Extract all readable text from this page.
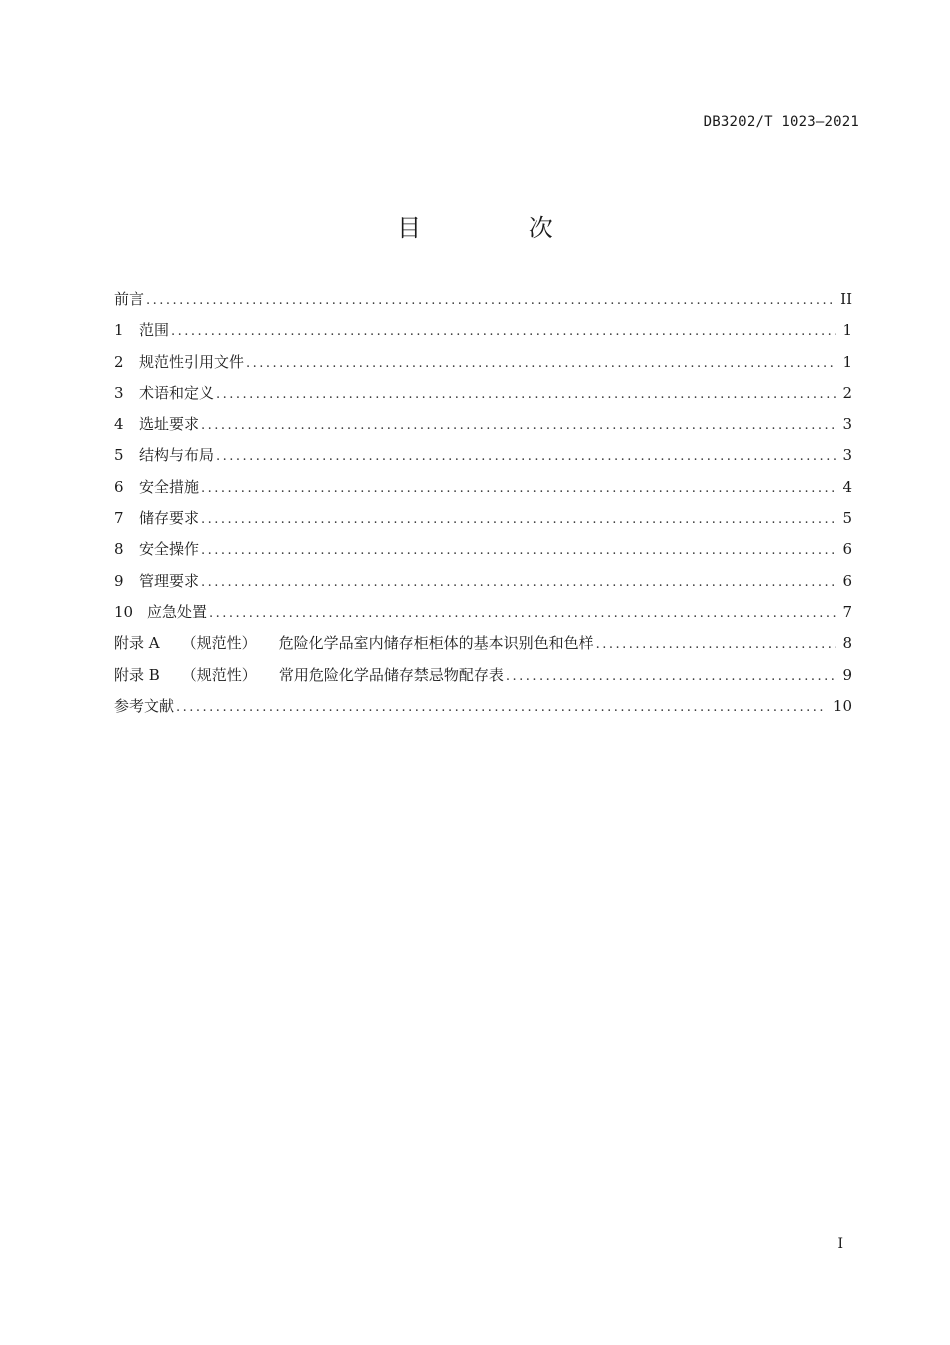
DB3202/T 1023—2021
目 次
前言 .....	II
1	范围 .....	1
2	规范性引用文件 .....	1
3	术语和定义 .....	2
4	选址要求 .....	3
5	结构与布局 .....	3
6	安全措施 .....	4
7	储存要求 .....	5
8	安全操作 .....	6
9	管理要求 .....	6
10 应急处置 .....	7
附录 A （规范性） 危险化学品室内储存柜柜体的基本识别色和色样 .....	8
附录 B （规范性） 常用危险化学品储存禁忌物配存表 .....	9
参考文献 .....	10
I
